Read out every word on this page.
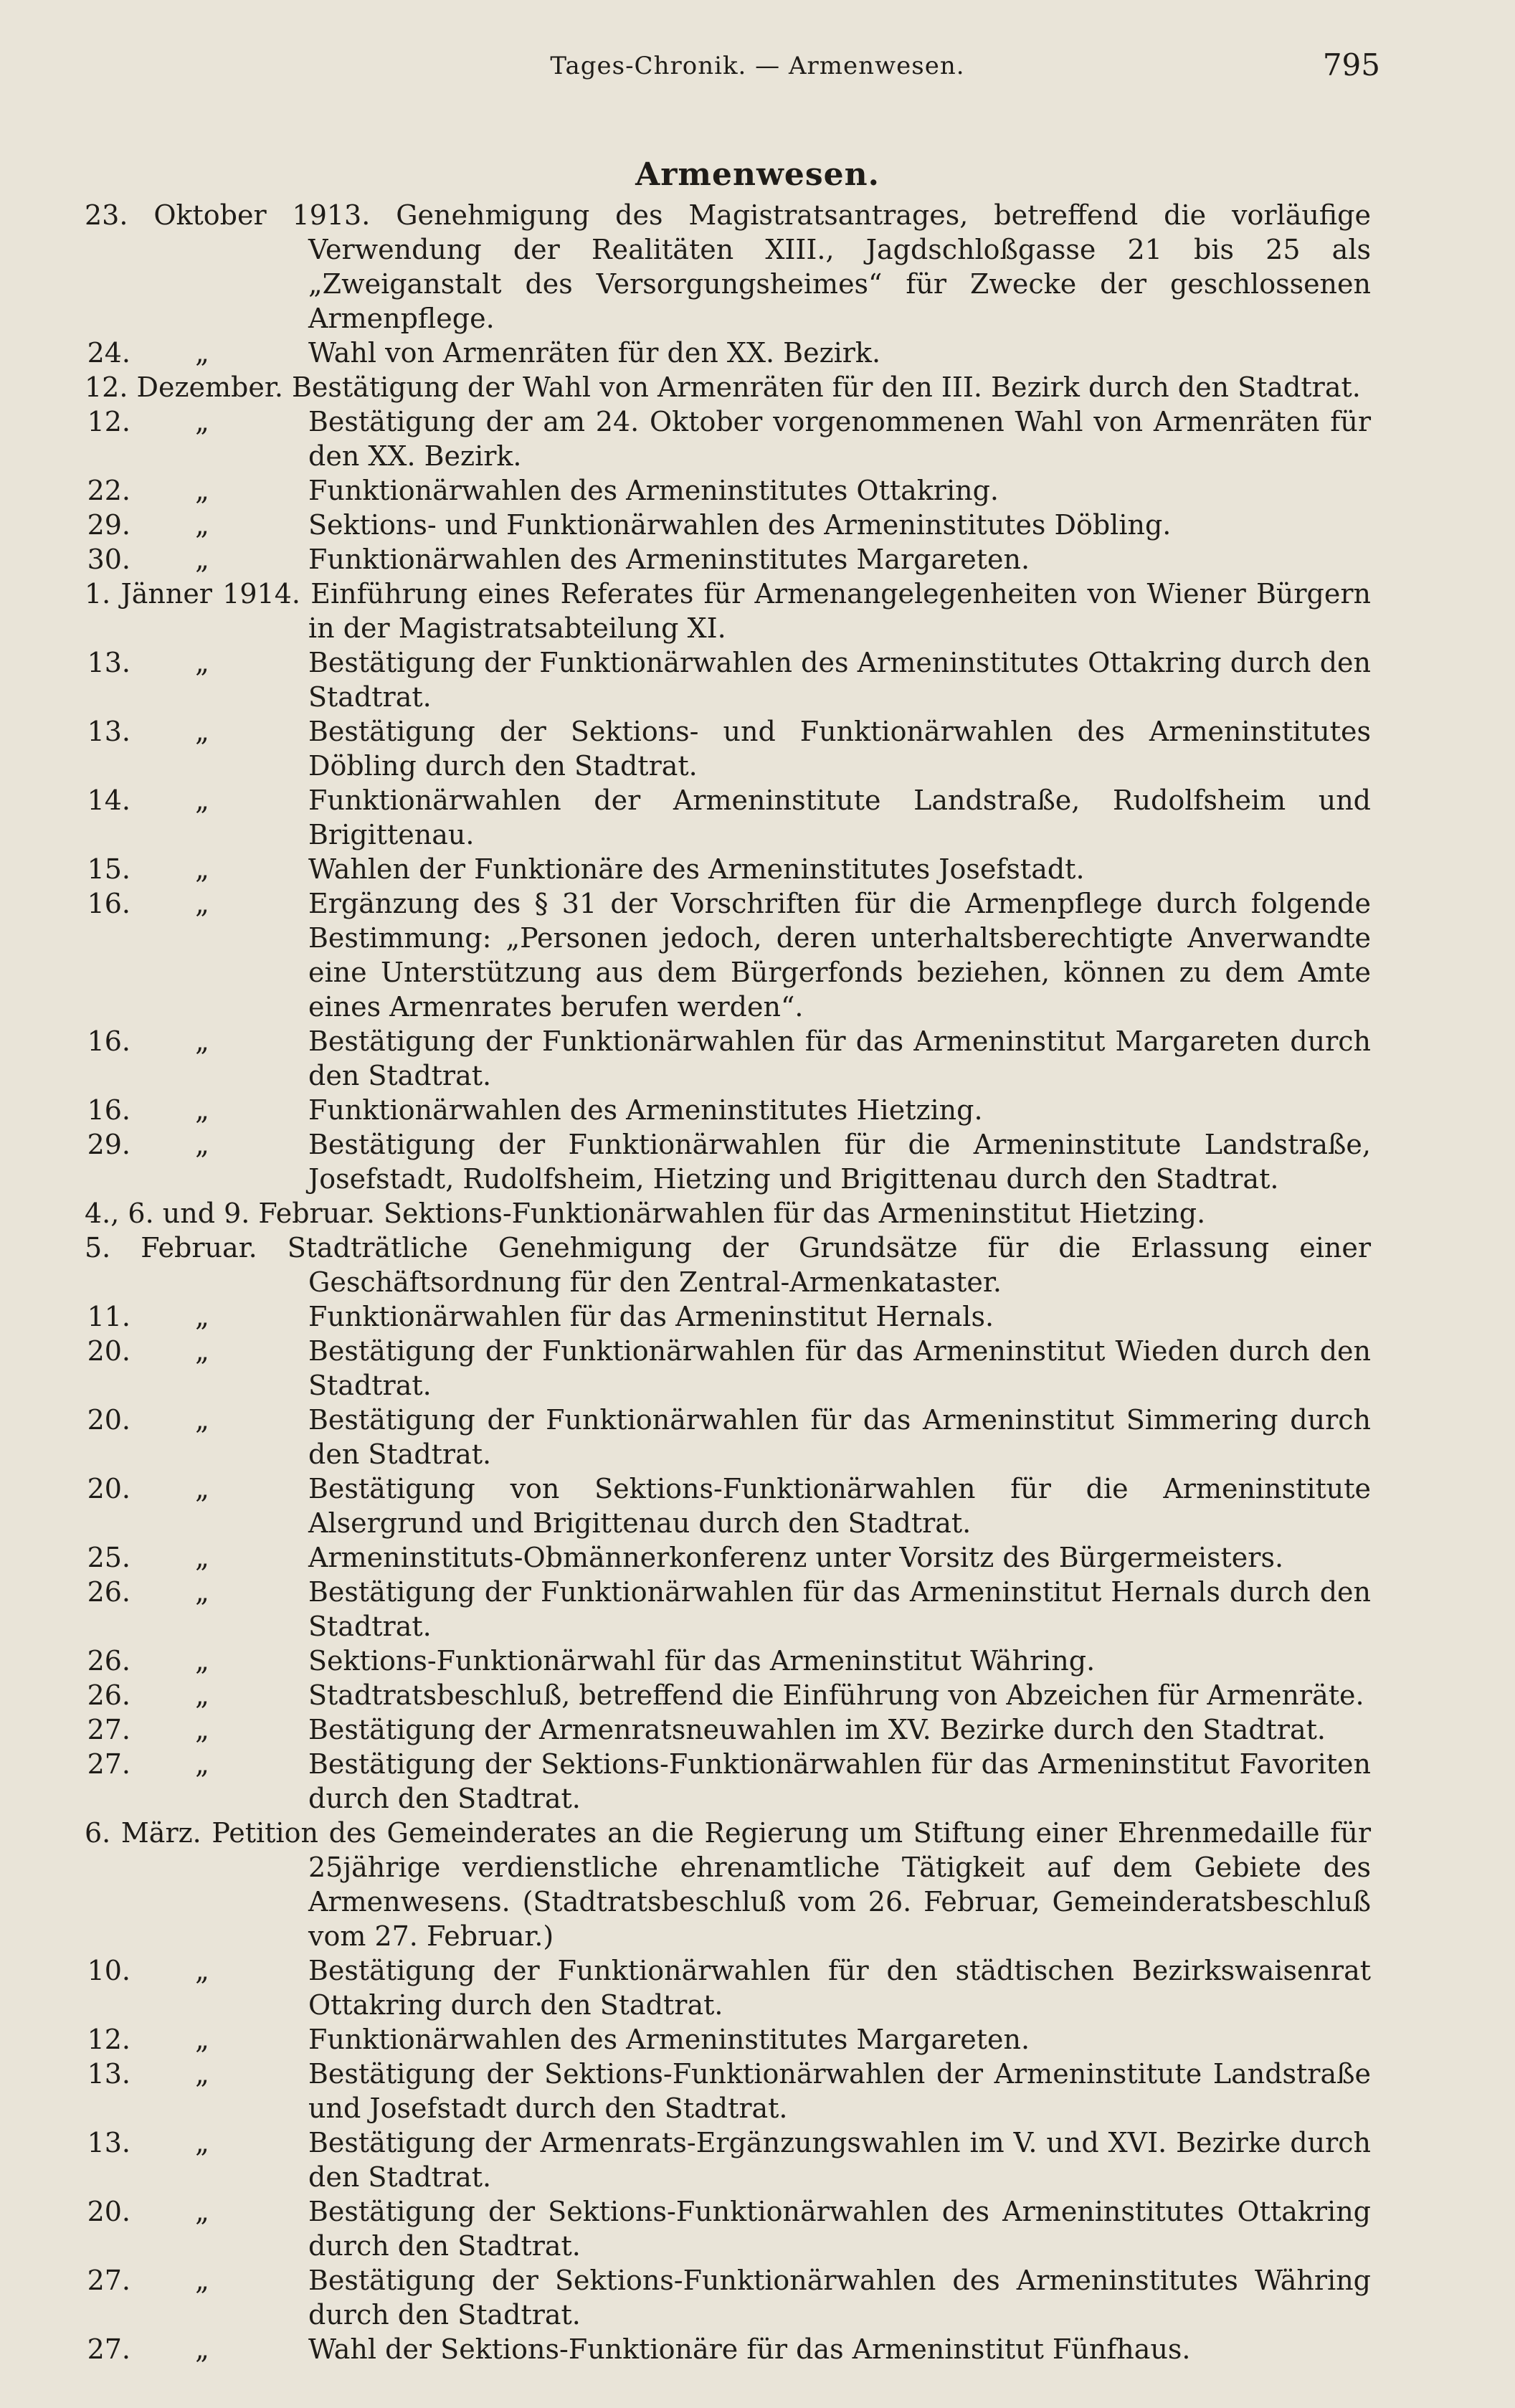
Tages-Chronik. — Armenwesen.	795
Armenwesen.
23. Oktober 1913. Genehmigung des Magistratsantrages, betreffend die vorläufige Verwendung der Realitäten XIII., Jagdschloßgasse 21 bis 25 als „Zweiganstalt des Versorgungsheimes“ für Zwecke der geschlossenen Armenpflege.
24. „	Wahl von Armenräten für den XX. Bezirk.
12. Dezember. Bestätigung der Wahl von Armenräten für den III. Bezirk durch den Stadtrat.
12. „	Bestätigung der am 24. Oktober vorgenommenen Wahl von Armenräten für den XX. Bezirk.
22. „	Funktionärwahlen des Armeninstitutes Ottakring.
29. „	Sektions- und Funktionärwahlen des Armeninstitutes Döbling.
30. „	Funktionärwahlen des Armeninstitutes Margareten.
1. Jänner 1914. Einführung eines Referates für Armenangelegenheiten von Wiener Bürgern in der Magistratsabteilung XI.
13. „	Bestätigung der Funktionärwahlen des Armeninstitutes Ottakring durch den Stadtrat.
13. „	Bestätigung der Sektions- und Funktionärwahlen des Armeninstitutes Döbling durch den Stadtrat.
14. „	Funktionärwahlen der Armeninstitute Landstraße, Rudolfsheim und Brigittenau.
15. „	Wahlen der Funktionäre des Armeninstitutes Josefstadt.
16. „	Ergänzung des § 31 der Vorschriften für die Armenpflege durch folgende Bestimmung: „Personen jedoch, deren unterhaltsberechtigte Anverwandte eine Unterstützung aus dem Bürgerfonds beziehen, können zu dem Amte eines Armenrates berufen werden“.
16. „	Bestätigung der Funktionärwahlen für das Armeninstitut Margareten durch den Stadtrat.
16. „	Funktionärwahlen des Armeninstitutes Hietzing.
29. „	Bestätigung der Funktionärwahlen für die Armeninstitute Landstraße, Josefstadt, Rudolfsheim, Hietzing und Brigittenau durch den Stadtrat.
4., 6. und 9. Februar. Sektions-Funktionärwahlen für das Armeninstitut Hietzing.
5. Februar. Stadträtliche Genehmigung der Grundsätze für die Erlassung einer Geschäftsordnung für den Zentral-Armenkataster.
11. „	Funktionärwahlen für das Armeninstitut Hernals.
20. „	Bestätigung der Funktionärwahlen für das Armeninstitut Wieden durch den Stadtrat.
20. „	Bestätigung der Funktionärwahlen für das Armeninstitut Simmering durch den Stadtrat.
20. „	Bestätigung von Sektions-Funktionärwahlen für die Armeninstitute Alsergrund und Brigittenau durch den Stadtrat.
25. „	Armeninstituts-Obmännerkonferenz unter Vorsitz des Bürgermeisters.
26. „	Bestätigung der Funktionärwahlen für das Armeninstitut Hernals durch den Stadtrat.
26. „	Sektions-Funktionärwahl für das Armeninstitut Währing.
26. „	Stadtratsbeschluß, betreffend die Einführung von Abzeichen für Armenräte.
27. „	Bestätigung der Armenratsneuwahlen im XV. Bezirke durch den Stadtrat.
27. „	Bestätigung der Sektions-Funktionärwahlen für das Armeninstitut Favoriten durch den Stadtrat.
6. März. Petition des Gemeinderates an die Regierung um Stiftung einer Ehrenmedaille für 25jährige verdienstliche ehrenamtliche Tätigkeit auf dem Gebiete des Armenwesens. (Stadtratsbeschluß vom 26. Februar, Gemeinderatsbeschluß vom 27. Februar.)
10. „	Bestätigung der Funktionärwahlen für den städtischen Bezirkswaisenrat Ottakring durch den Stadtrat.
12. „	Funktionärwahlen des Armeninstitutes Margareten.
13. „	Bestätigung der Sektions-Funktionärwahlen der Armeninstitute Landstraße und Josefstadt durch den Stadtrat.
13. „	Bestätigung der Armenrats-Ergänzungswahlen im V. und XVI. Bezirke durch den Stadtrat.
20. „	Bestätigung der Sektions-Funktionärwahlen des Armeninstitutes Ottakring durch den Stadtrat.
27. „	Bestätigung der Sektions-Funktionärwahlen des Armeninstitutes Währing durch den Stadtrat.
27. „	Wahl der Sektions-Funktionäre für das Armeninstitut Fünfhaus.
